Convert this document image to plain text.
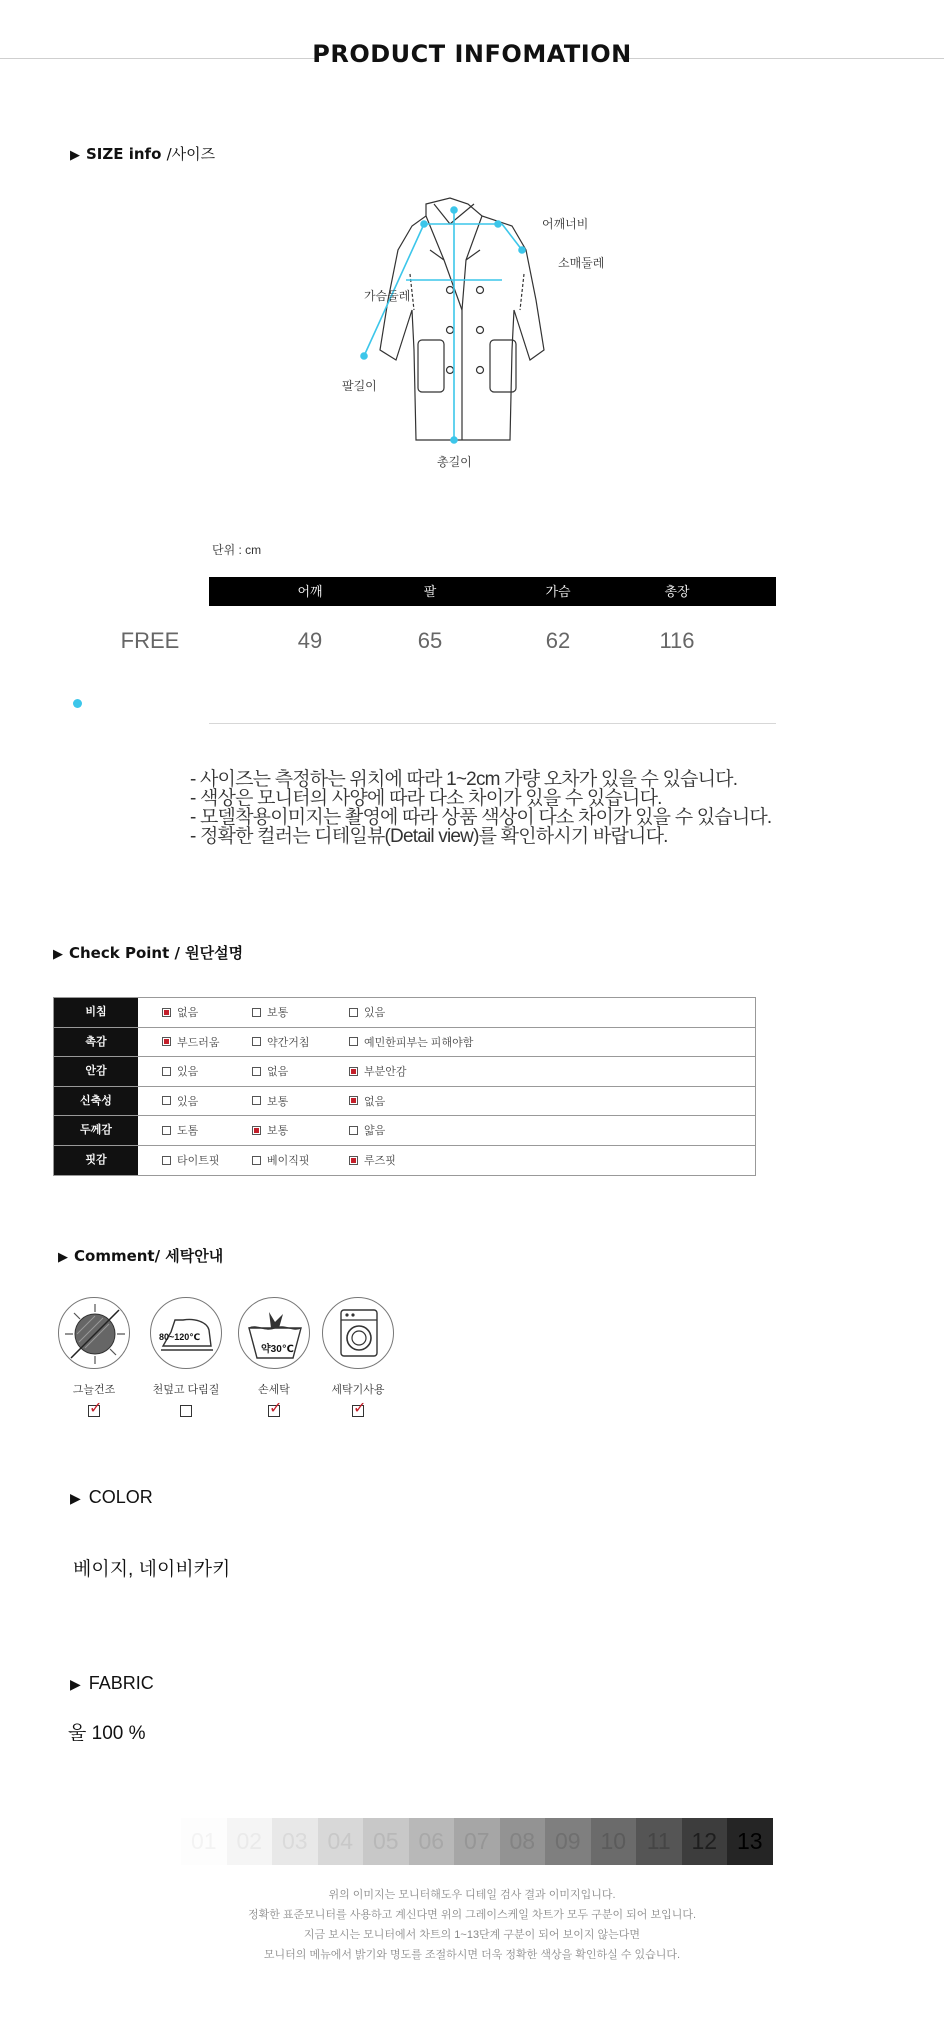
PRODUCT INFOMATION
▶ SIZE info /사이즈
어깨너비
소매둘레
가슴둘레
팔길이
총길이
단위 : cm
어깨	팔	가슴	총장
FREE	49	65	62	116
- 사이즈는 측정하는 위치에 따라 1~2cm 가량 오차가 있을 수 있습니다.
- 색상은 모니터의 사양에 따라 다소 차이가 있을 수 있습니다.
- 모델착용이미지는 촬영에 따라 상품 색상이 다소 차이가 있을 수 있습니다.
- 정확한 컬러는 디테일뷰(Detail view)를 확인하시기 바랍니다.
▶ Check Point / 원단설명
비침	없음	보통	있음
촉감	부드러움	약간거침	예민한피부는 피해야함
안감	있음	없음	부분안감
신축성	있음	보통	없음
두께감	도톰	보통	얇음
핏감	타이트핏	베이직핏	루즈핏
▶ Comment/ 세탁안내
그늘건조
✓
80~120℃
천덮고 다림질
약30℃
손세탁
✓	세탁기사용
✓
▶ COLOR
베이지, 네이비카키
▶ FABRIC
울 100 %
01 02 03 04 05 06 07 08 09 10 11 12 13
위의 이미지는 모니터해도우 디테일 검사 결과 이미지입니다.
정확한 표준모니터를 사용하고 계신다면 위의 그레이스케일 차트가 모두 구분이 되어 보입니다.
지금 보시는 모니터에서 차트의 1~13단계 구분이 되어 보이지 않는다면
모니터의 메뉴에서 밝기와 명도를 조절하시면 더욱 정확한 색상을 확인하실 수 있습니다.
